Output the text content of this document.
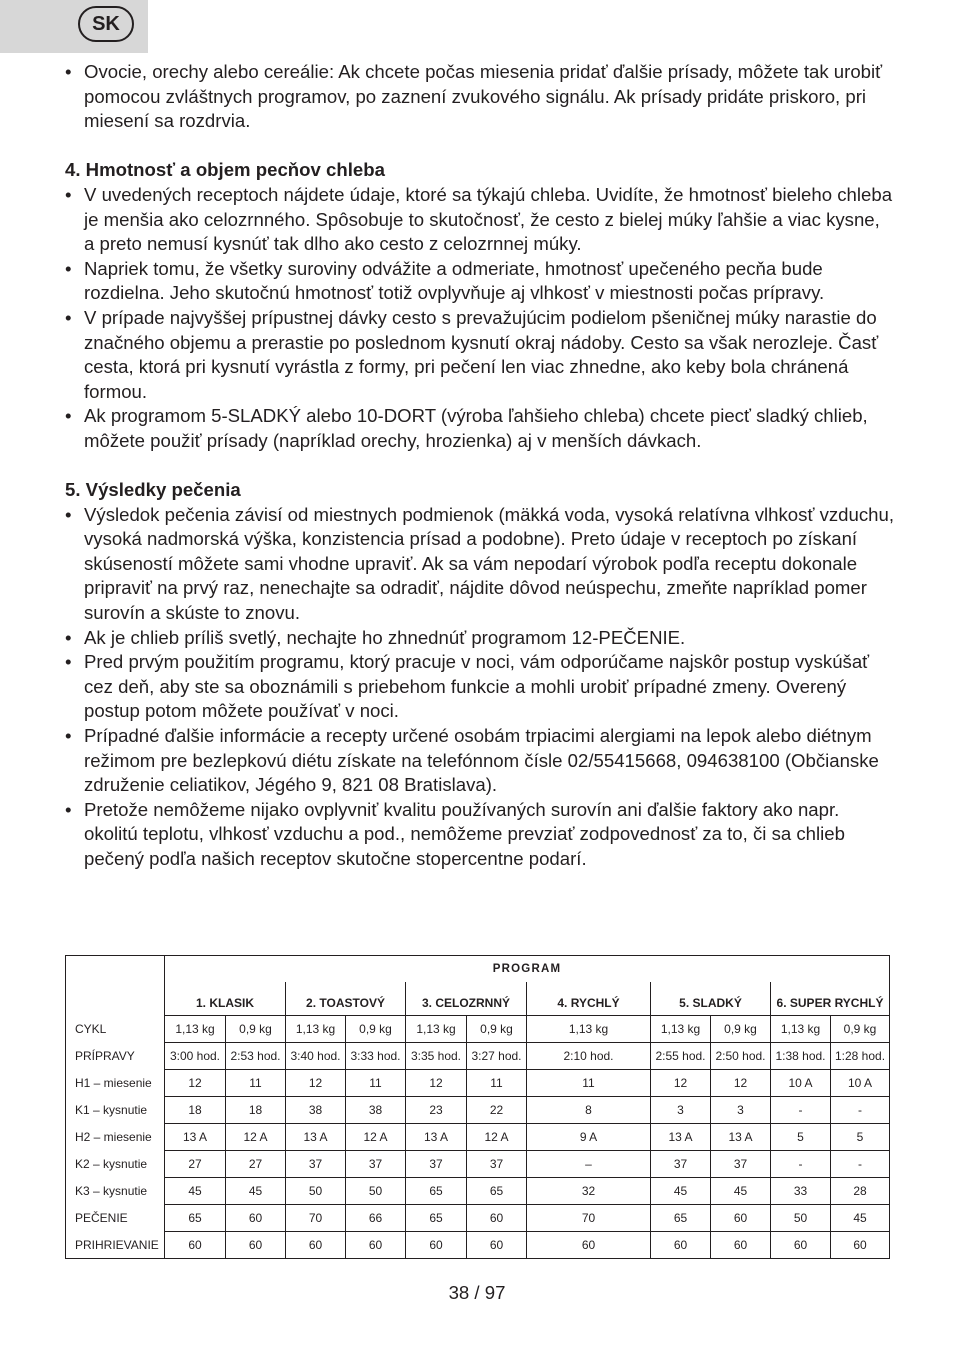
SK

• Ovocie, orechy alebo cereálie: Ak chcete počas miesenia pridať ďalšie prísady, môžete tak urobiť pomocou zvláštnych programov, po zaznení zvukového signálu. Ak prísady pridáte priskoro, pri miesení sa rozdrvia.

4. Hmotnosť a objem pecňov chleba

• V uvedených receptoch nájdete údaje, ktoré sa týkajú chleba. Uvidíte, že hmotnosť bieleho chleba je menšia ako celozrnného. Spôsobuje to skutočnosť, že cesto z bielej múky ľahšie a viac kysne, a preto nemusí kysnúť tak dlho ako cesto z celozrnnej múky.

• Napriek tomu, že všetky suroviny odvážite a odmeriate, hmotnosť upečeného pecňa bude rozdielna. Jeho skutočnú hmotnosť totiž ovplyvňuje aj vlhkosť v miestnosti počas prípravy.

• V prípade najvyššej prípustnej dávky cesto s prevažujúcim podielom pšeničnej múky narastie do značného objemu a prerastie po poslednom kysnutí okraj nádoby. Cesto sa však nerozleje. Časť cesta, ktorá pri kysnutí vyrástla z formy, pri pečení len viac zhnedne, ako keby bola chránená formou.

• Ak programom 5-SLADKÝ alebo 10-DORT (výroba ľahšieho chleba) chcete piecť sladký chlieb, môžete použiť prísady (napríklad orechy, hrozienka) aj v menších dávkach.

5. Výsledky pečenia

• Výsledok pečenia závisí od miestnych podmienok (mäkká voda, vysoká relatívna vlhkosť vzduchu, vysoká nadmorská výška, konzistencia prísad a podobne). Preto údaje v receptoch po získaní skúseností môžete sami vhodne upraviť. Ak sa vám nepodarí výrobok podľa receptu dokonale pripraviť na prvý raz, nenechajte sa odradiť, nájdite dôvod neúspechu, zmeňte napríklad pomer surovín a skúste to znovu.

• Ak je chlieb príliš svetlý, nechajte ho zhnednúť programom 12-PEČENIE.

• Pred prvým použitím programu, ktorý pracuje v noci, vám odporúčame najskôr postup vyskúšať cez deň, aby ste sa oboznámili s priebehom funkcie a mohli urobiť prípadné zmeny. Overený postup potom môžete používať v noci.

• Prípadné ďalšie informácie a recepty určené osobám trpiacimi alergiami na lepok alebo diétnym režimom pre bezlepkovú diétu získate na telefónnom čísle 02/55415668, 094638100 (Občianske združenie celiatikov, Jégého 9, 821 08 Bratislava).

• Pretože nemôžeme nijako ovplyvniť kvalitu používaných surovín ani ďalšie faktory ako napr. okolitú teplotu, vlhkosť vzduchu a pod., nemôžeme prevziať zodpovednosť za to, či sa chlieb pečený podľa našich receptov skutočne stopercentne podarí.

	PROGRAM										
	1. KLASIK		2. TOASTOVÝ		3. CELOZRNNÝ		4. RYCHLÝ	5. SLADKÝ		6. SUPER RYCHLÝ	
CYKL	1,13 kg	0,9 kg	1,13 kg	0,9 kg	1,13 kg	0,9 kg	1,13 kg	1,13 kg	0,9 kg	1,13 kg	0,9 kg
PRÍPRAVY	3:00 hod.	2:53 hod.	3:40 hod.	3:33 hod.	3:35 hod.	3:27 hod.	2:10 hod.	2:55 hod.	2:50 hod.	1:38 hod.	1:28 hod.
H1 – miesenie	12	11	12	11	12	11	11	12	12	10 A	10 A
K1 – kysnutie	18	18	38	38	23	22	8	3	3	-	-
H2 – miesenie	13 A	12 A	13 A	12 A	13 A	12 A	9 A	13 A	13 A	5	5
K2 – kysnutie	27	27	37	37	37	37	–	37	37	-	-
K3 – kysnutie	45	45	50	50	65	65	32	45	45	33	28
PEČENIE	65	60	70	66	65	60	70	65	60	50	45
PRIHRIEVANIE	60	60	60	60	60	60	60	60	60	60	60
38 / 97
